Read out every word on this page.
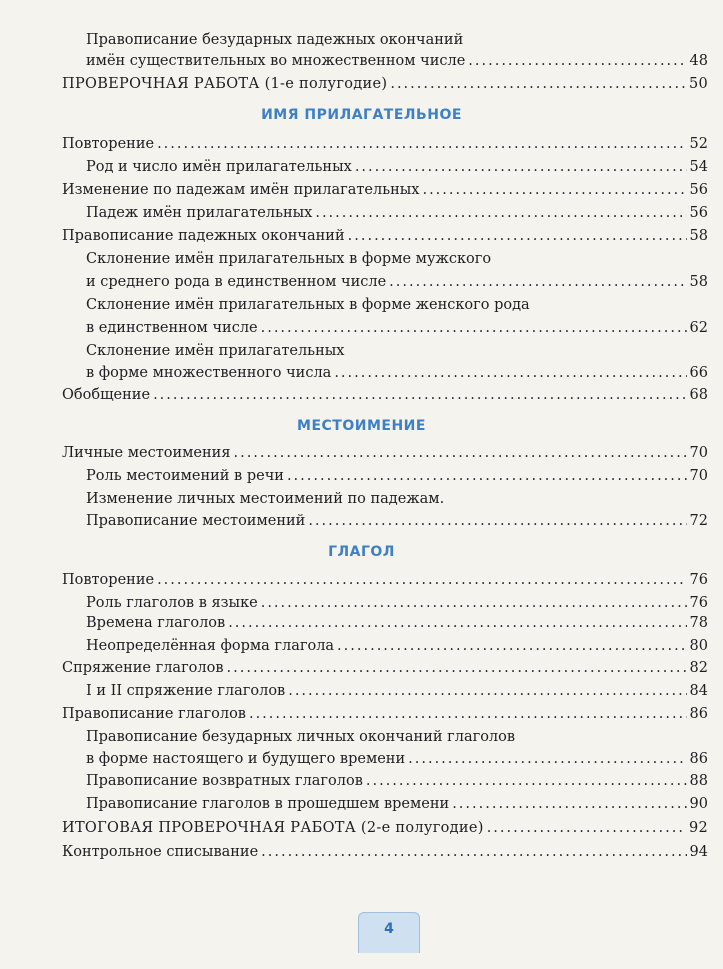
Правописание безударных падежных окончаний
имён существительных во множественном числе .....	48
ПРОВЕРОЧНАЯ РАБОТА (1-е полугодие) .....	50
ИМЯ ПРИЛАГАТЕЛЬНОЕ
Повторение .....	52
Род и число имён прилагательных .....	54
Изменение по падежам имён прилагательных .....	56
Падеж имён прилагательных .....	56
Правописание падежных окончаний .....	58
Склонение имён прилагательных в форме мужского
и среднего рода в единственном числе .....	58
Склонение имён прилагательных в форме женского рода
в единственном числе .....	62
Склонение имён прилагательных
в форме множественного числа .....	66
Обобщение .....	68
МЕСТОИМЕНИЕ
Личные местоимения .....	70
Роль местоимений в речи .....	70
Изменение личных местоимений по падежам.
Правописание местоимений .....	72
ГЛАГОЛ
Повторение .....	76
Роль глаголов в языке .....	76
Времена глаголов .....	78
Неопределённая форма глагола .....	80
Спряжение глаголов .....	82
I и II спряжение глаголов .....	84
Правописание глаголов .....	86
Правописание безударных личных окончаний глаголов
в форме настоящего и будущего времени .....	86
Правописание возвратных глаголов .....	88
Правописание глаголов в прошедшем времени .....	90
ИТОГОВАЯ ПРОВЕРОЧНАЯ РАБОТА (2-е полугодие) .....	92
Контрольное списывание .....	94
4
